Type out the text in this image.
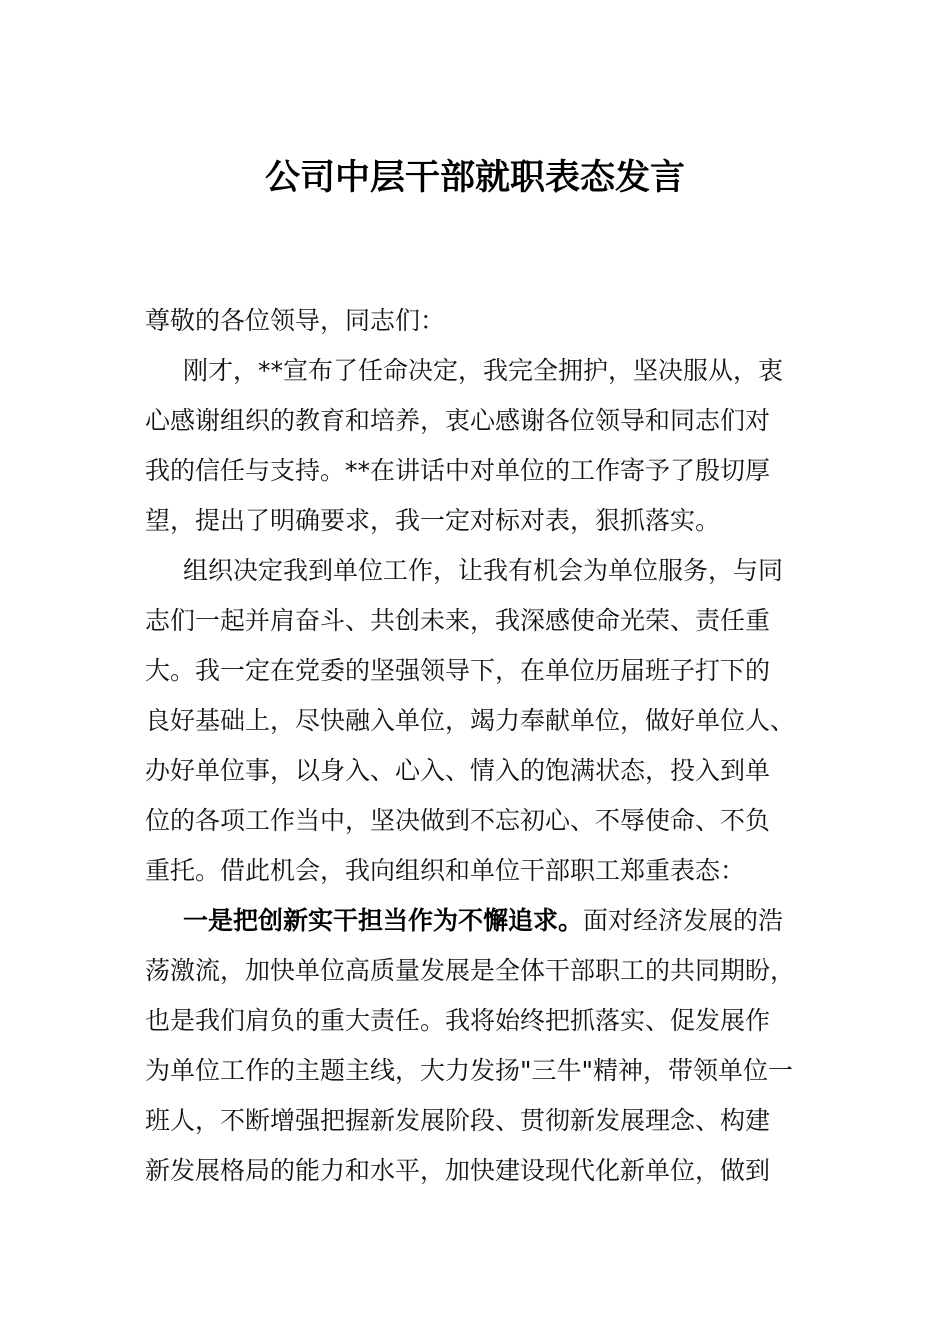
公司中层干部就职表态发言
尊敬的各位领导，同志们：
刚才，**宣布了任命决定，我完全拥护，坚决服从，衷
心感谢组织的教育和培养，衷心感谢各位领导和同志们对
我的信任与支持。**在讲话中对单位的工作寄予了殷切厚
望，提出了明确要求，我一定对标对表，狠抓落实。
组织决定我到单位工作，让我有机会为单位服务，与同
志们一起并肩奋斗、共创未来，我深感使命光荣、责任重
大。我一定在党委的坚强领导下，在单位历届班子打下的
良好基础上，尽快融入单位，竭力奉献单位，做好单位人、
办好单位事，以身入、心入、情入的饱满状态，投入到单
位的各项工作当中，坚决做到不忘初心、不辱使命、不负
重托。借此机会，我向组织和单位干部职工郑重表态：
一是把创新实干担当作为不懈追求。面对经济发展的浩
荡激流，加快单位高质量发展是全体干部职工的共同期盼，
也是我们肩负的重大责任。我将始终把抓落实、促发展作
为单位工作的主题主线，大力发扬"三牛"精神，带领单位一
班人，不断增强把握新发展阶段、贯彻新发展理念、构建
新发展格局的能力和水平，加快建设现代化新单位，做到
